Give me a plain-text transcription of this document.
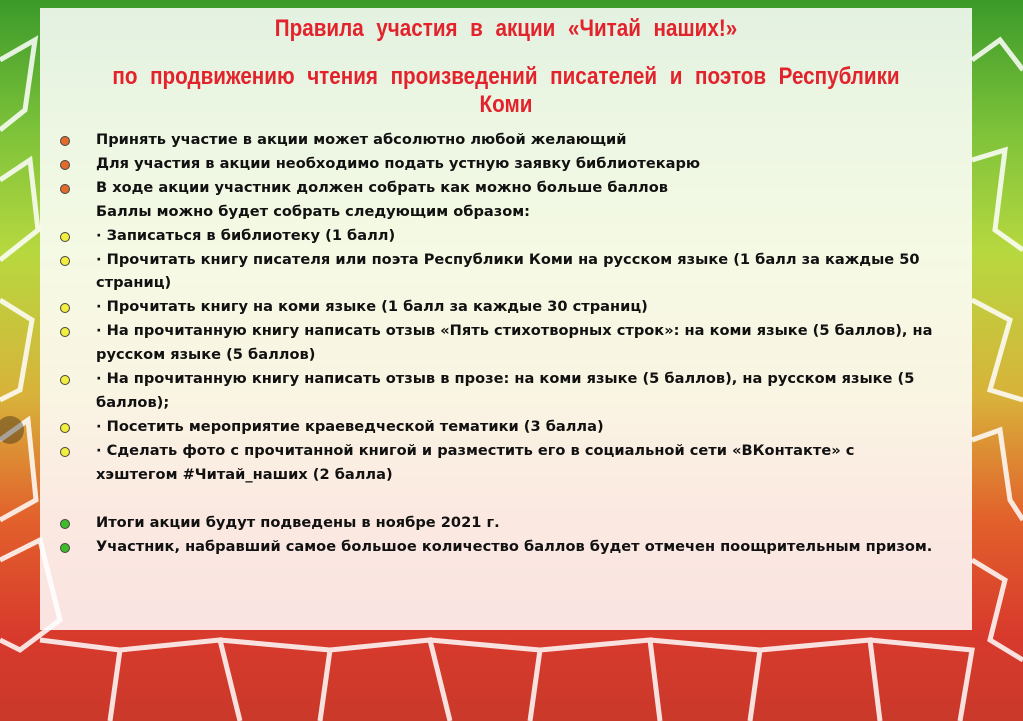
Правила участия в акции «Читай наших!»
по продвижению чтения произведений писателей и поэтов Республики Коми
Принять участие в акции может абсолютно любой желающий
Для участия в акции необходимо подать устную заявку библиотекарю
В ходе акции участник должен собрать как можно больше баллов
Баллы можно будет собрать следующим образом:
· Записаться в библиотеку (1 балл)
· Прочитать книгу писателя или поэта Республики Коми на русском языке (1 балл за каждые 50 страниц)
· Прочитать книгу на коми языке (1 балл за каждые 30 страниц)
· На прочитанную книгу написать отзыв «Пять стихотворных строк»: на коми языке (5 баллов), на русском языке (5 баллов)
· На прочитанную книгу написать отзыв в прозе: на коми языке (5 баллов), на русском языке (5 баллов);
· Посетить мероприятие краеведческой тематики (3 балла)
· Сделать фото с прочитанной книгой и разместить его в социальной сети «ВКонтакте» с хэштегом #Читай_наших (2 балла)
Итоги акции будут подведены в ноябре 2021 г.
Участник, набравший самое большое количество баллов будет отмечен поощрительным призом.
